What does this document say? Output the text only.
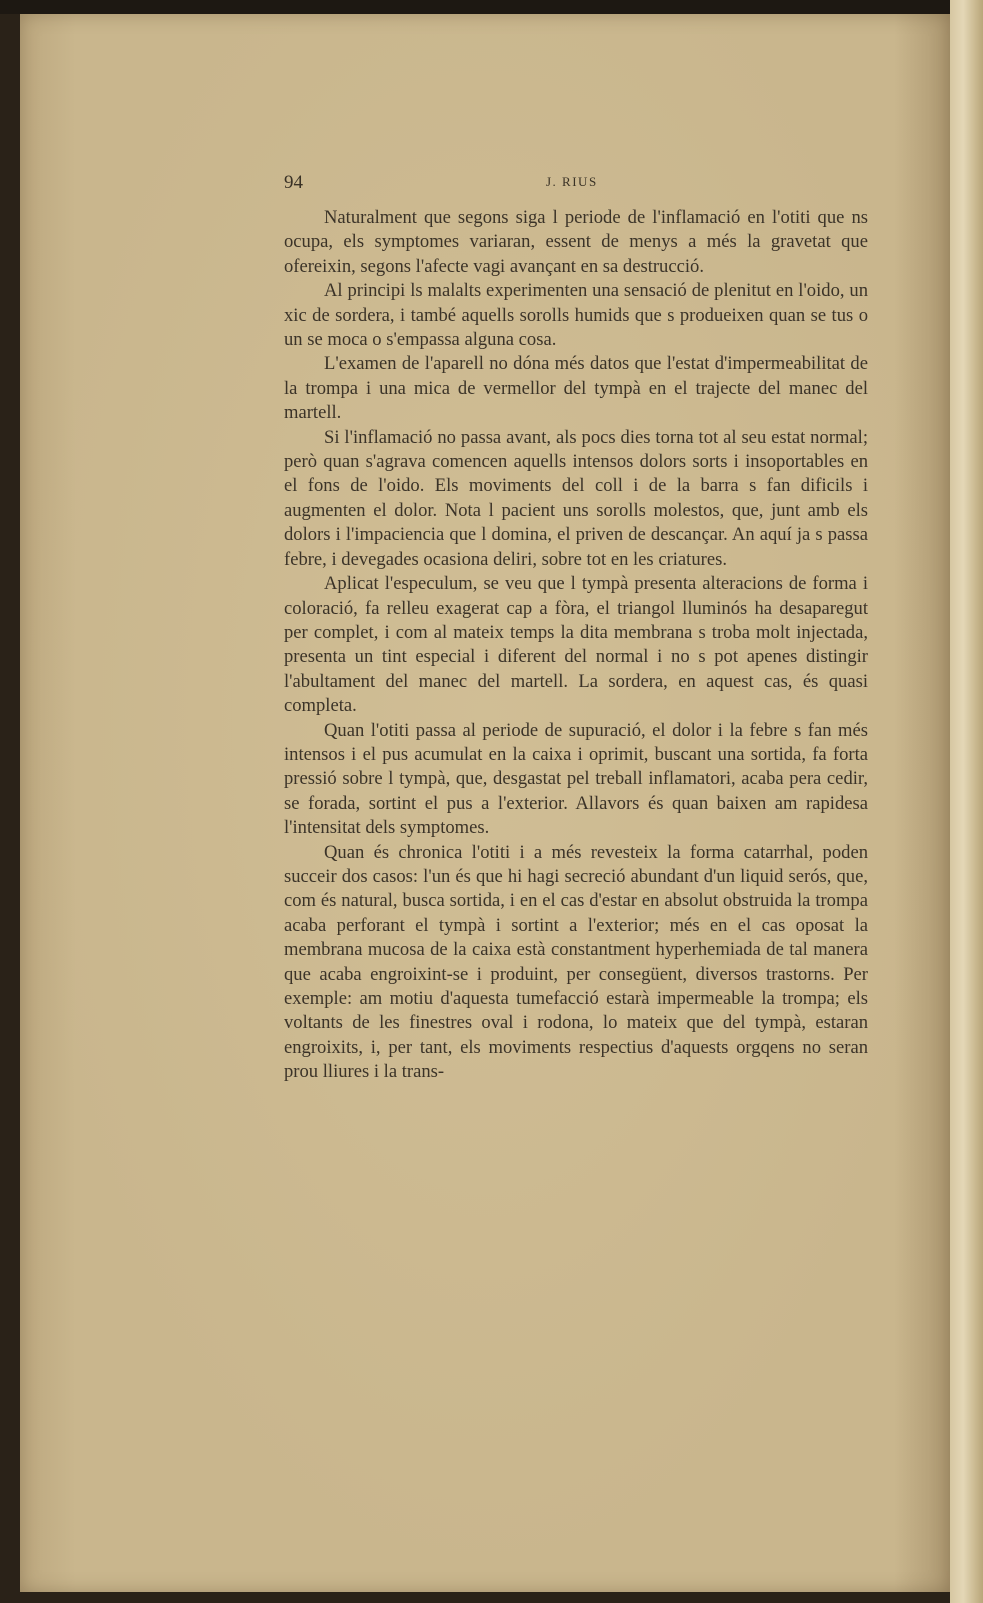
94	J. RIUS

Naturalment que segons siga l periode de l'inflamació en l'otiti que ns ocupa, els symptomes variaran, essent de menys a més la gravetat que ofereixin, segons l'afecte vagi avançant en sa destrucció.

Al principi ls malalts experimenten una sensació de plenitut en l'oido, un xic de sordera, i també aquells sorolls humids que s produeixen quan se tus o un se moca o s'empassa alguna cosa.

L'examen de l'aparell no dóna més datos que l'estat d'impermeabilitat de la trompa i una mica de vermellor del tympà en el trajecte del manec del martell.

Si l'inflamació no passa avant, als pocs dies torna tot al seu estat normal; però quan s'agrava comencen aquells intensos dolors sorts i insoportables en el fons de l'oido. Els moviments del coll i de la barra s fan dificils i augmenten el dolor. Nota l pacient uns sorolls molestos, que, junt amb els dolors i l'impaciencia que l domina, el priven de descançar. An aquí ja s passa febre, i devegades ocasiona deliri, sobre tot en les criatures.

Aplicat l'especulum, se veu que l tympà presenta alteracions de forma i coloració, fa relleu exagerat cap a fòra, el triangol lluminós ha desaparegut per complet, i com al mateix temps la dita membrana s troba molt injectada, presenta un tint especial i diferent del normal i no s pot apenes distingir l'abultament del manec del martell. La sordera, en aquest cas, és quasi completa.

Quan l'otiti passa al periode de supuració, el dolor i la febre s fan més intensos i el pus acumulat en la caixa i oprimit, buscant una sortida, fa forta pressió sobre l tympà, que, desgastat pel treball inflamatori, acaba pera cedir, se forada, sortint el pus a l'exterior. Allavors és quan baixen am rapidesa l'intensitat dels symptomes.

Quan és chronica l'otiti i a més revesteix la forma catarrhal, poden succeir dos casos: l'un és que hi hagi secreció abundant d'un liquid serós, que, com és natural, busca sortida, i en el cas d'estar en absolut obstruida la trompa acaba perforant el tympà i sortint a l'exterior; més en el cas oposat la membrana mucosa de la caixa està constantment hyperhemiada de tal manera que acaba engroixint-se i produint, per consegüent, diversos trastorns. Per exemple: am motiu d'aquesta tumefacció estarà impermeable la trompa; els voltants de les finestres oval i rodona, lo mateix que del tympà, estaran engroixits, i, per tant, els moviments respectius d'aquests orgqens no seran prou lliures i la trans-
